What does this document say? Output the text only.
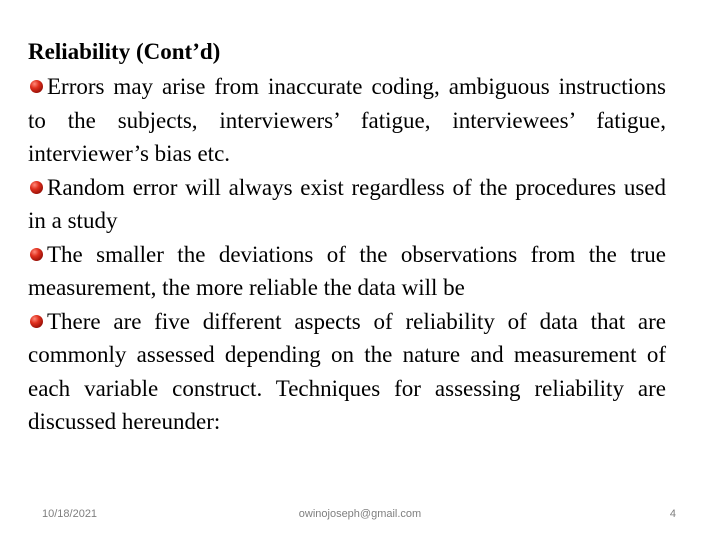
Reliability (Cont’d)

Errors may arise from inaccurate coding, ambiguous instructions to the subjects, interviewers’ fatigue, interviewees’ fatigue, interviewer’s bias etc.

Random error will always exist regardless of the procedures used in a study

The smaller the deviations of the observations from the true measurement, the more reliable the data will be

There are five different aspects of reliability of data that are commonly assessed depending on the nature and measurement of each variable construct. Techniques for assessing reliability are discussed hereunder:

10/18/2021	owinojoseph@gmail.com	4
